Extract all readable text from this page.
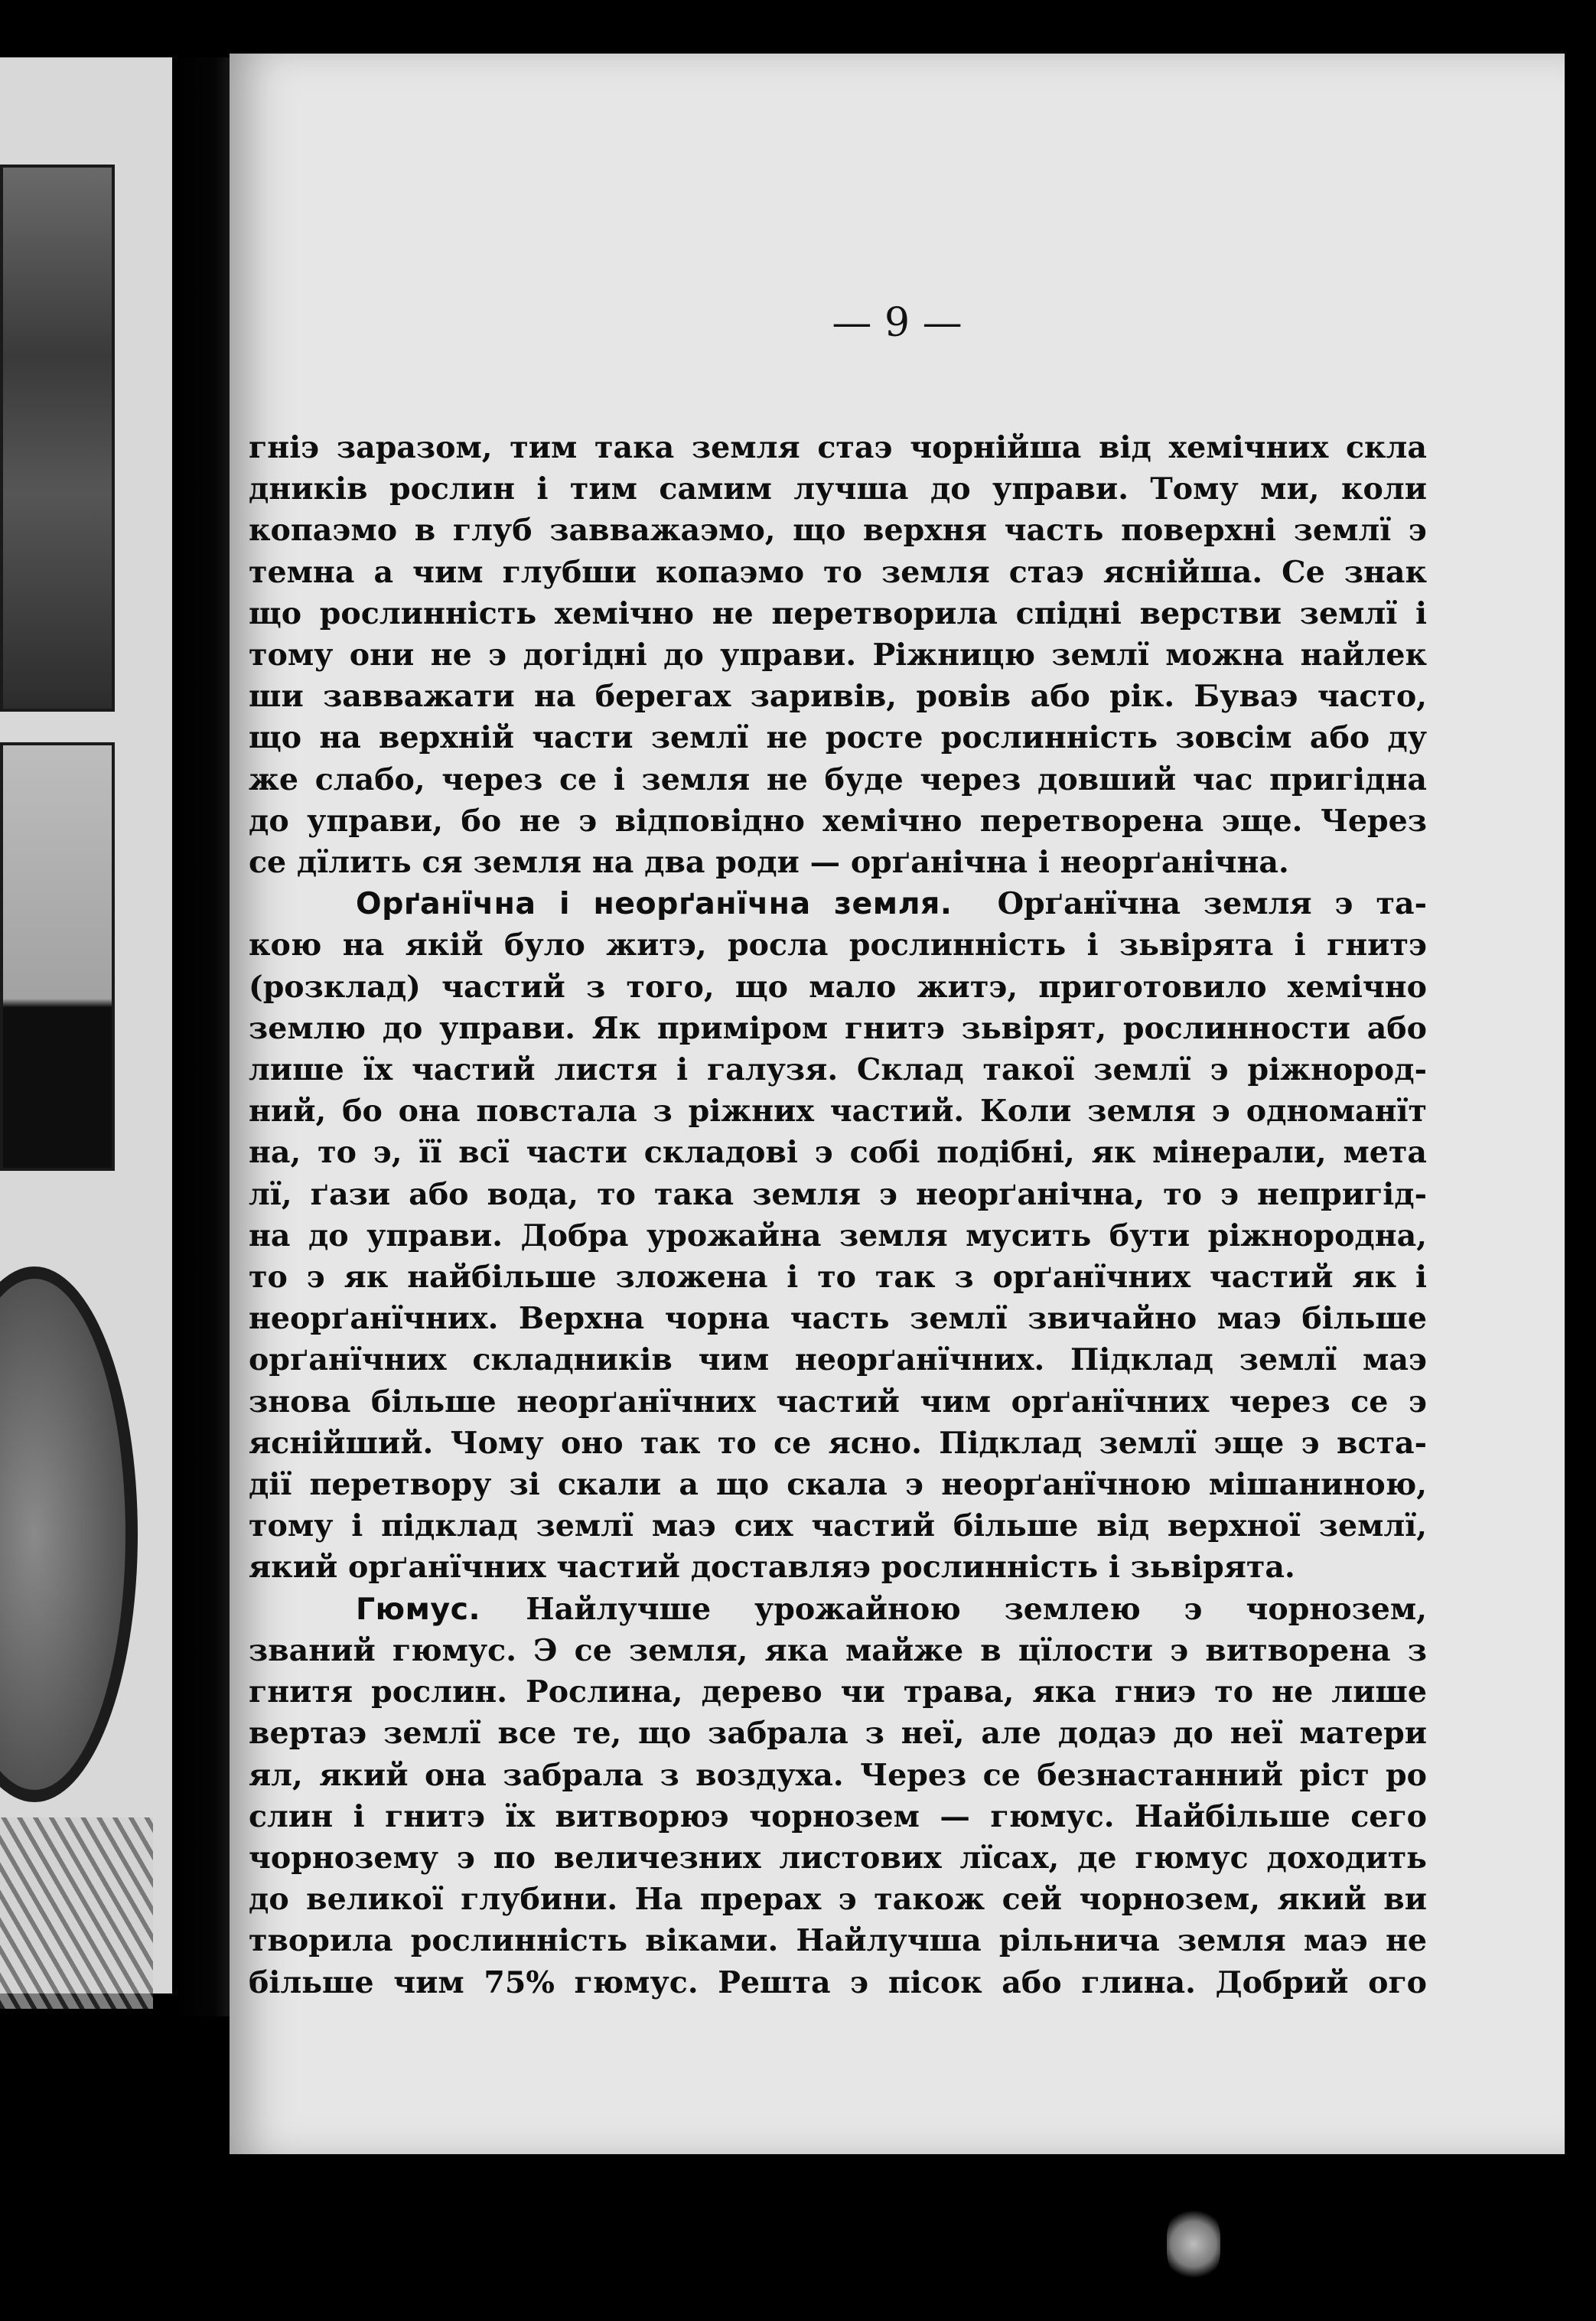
— 9 —
гніэ заразом, тим така земля стаэ чорнійша від хемічних скла
дників рослин і тим самим лучша до управи. Тому ми, коли
копаэмо в глуб завважаэмо, що верхня часть поверхні землї э
темна а чим глубши копаэмо то земля стаэ яснійша. Се знак
що рослинність хемічно не перетворила спідні верстви землї і
тому они не э догідні до управи. Ріжницю землї можна найлек
ши завважати на берегах заривів, ровів або рік. Буваэ часто,
що на верхній части землї не росте рослинність зовсім або ду
же слабо, через се і земля не буде через довший час пригідна
до управи, бо не э відповідно хемічно перетворена эще. Через
се дїлить ся земля на два роди — орґанічна і неорґанічна.
Орґанїчна і неорґанїчна земля.   Орґанїчна земля э та-
кою на якій було житэ, росла рослинність і зьвірята і гнитэ
(розклад) частий з того, що мало житэ, приготовило хемічно
землю до управи. Як приміром гнитэ зьвірят, рослинности або
лише їх частий листя і галузя. Склад такої землї э ріжнород-
ний, бо она повстала з ріжних частий. Коли земля э одноманїт
на, то э, її всї части складові э собі подібні, як мінерали, мета
лї, ґази або вода, то така земля э неорґанічна, то э непригід-
на до управи. Добра урожайна земля мусить бути ріжнородна,
то э як найбільше зложена і то так з орґанїчних частий як і
неорґанїчних. Верхна чорна часть землї звичайно маэ більше
орґанїчних складників чим неорґанїчних. Підклад землї маэ
знова більше неорґанїчних частий чим орґанїчних через се э
яснійший. Чому оно так то се ясно. Підклад землї эще э вста-
дії перетвору зі скали а що скала э неорґанїчною мішаниною,
тому і підклад землї маэ сих частий більше від верхної землї,
який орґанїчних частий доставляэ рослинність і зьвірята.
Гюмус.   Найлучше урожайною землею э чорнозем,
званий гюмус. Э се земля, яка майже в цїлости э витворена з
гнитя рослин. Рослина, дерево чи трава, яка гниэ то не лише
вертаэ землї все те, що забрала з неї, але додаэ до неї матери
ял, який она забрала з воздуха. Через се безнастанний ріст ро
слин і гнитэ їх витворюэ чорнозем — гюмус. Найбільше сего
чорнозему э по величезних листових лїсах, де гюмус доходить
до великої глубини. На прерах э також сей чорнозем, який ви
творила рослинність віками. Найлучша рільнича земля маэ не
більше чим 75% гюмус. Решта э пісок або глина. Добрий ого
